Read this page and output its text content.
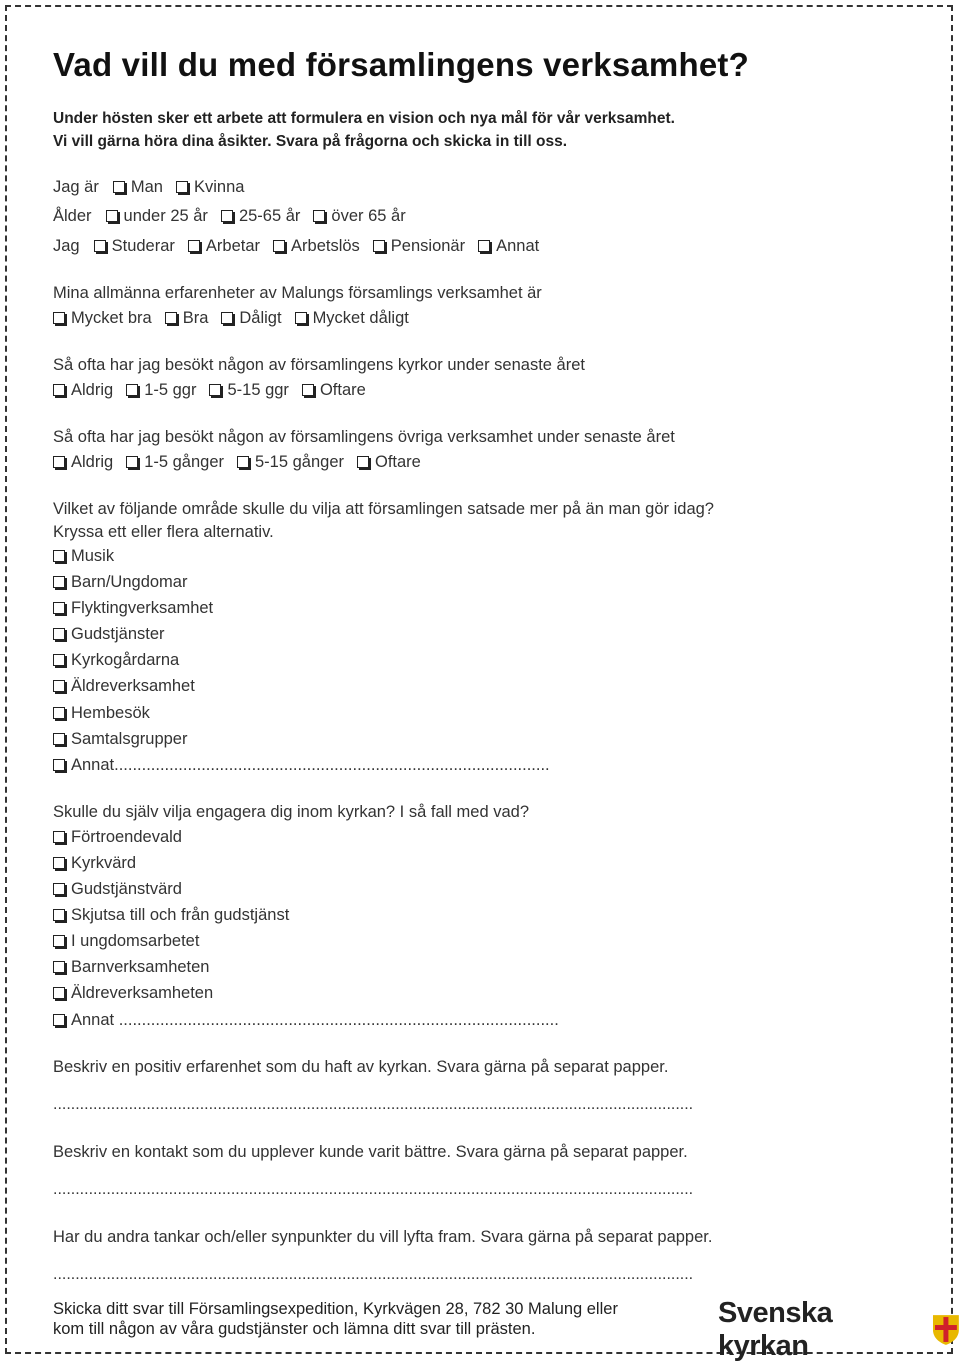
Vad vill du med församlingens verksamhet?
Under hösten sker ett arbete att formulera en vision och nya mål för vår verksamhet.
Vi vill gärna höra dina åsikter. Svara på frågorna och skicka in till oss.
Jag är Man Kvinna
Ålder under 25 år 25-65 år över 65 år
Jag Studerar Arbetar Arbetslös Pensionär Annat
Mina allmänna erfarenheter av Malungs församlings verksamhet är
Mycket bra Bra Dåligt Mycket dåligt
Så ofta har jag besökt någon av församlingens kyrkor under senaste året
Aldrig 1-5 ggr 5-15 ggr Oftare
Så ofta har jag besökt någon av församlingens övriga verksamhet under senaste året
Aldrig 1-5 gånger 5-15 gånger Oftare
Vilket av följande område skulle du vilja att församlingen satsade mer på än man gör idag?
Kryssa ett eller flera alternativ.
Musik
Barn/Ungdomar
Flyktingverksamhet
Gudstjänster
Kyrkogårdarna
Äldreverksamhet
Hembesök
Samtalsgrupper
Annat...............................................................................................
Skulle du själv vilja engagera dig inom kyrkan? I så fall med vad?
Förtroendevald
Kyrkvärd
Gudstjänstvärd
Skjutsa till och från gudstjänst
I ungdomsarbetet
Barnverksamheten
Äldreverksamheten
Annat ................................................................................................
Beskriv en positiv erfarenhet som du haft av kyrkan. Svara gärna på separat papper.
................................................................................................................................................
Beskriv en kontakt som du upplever kunde varit bättre. Svara gärna på separat papper.
................................................................................................................................................
Har du andra tankar och/eller synpunkter du vill lyfta fram. Svara gärna på separat papper.
................................................................................................................................................
Skicka ditt svar till Församlingsexpedition, Kyrkvägen 28, 782 30 Malung eller
kom till någon av våra gudstjänster och lämna ditt svar till prästen.	Svenska kyrkan
